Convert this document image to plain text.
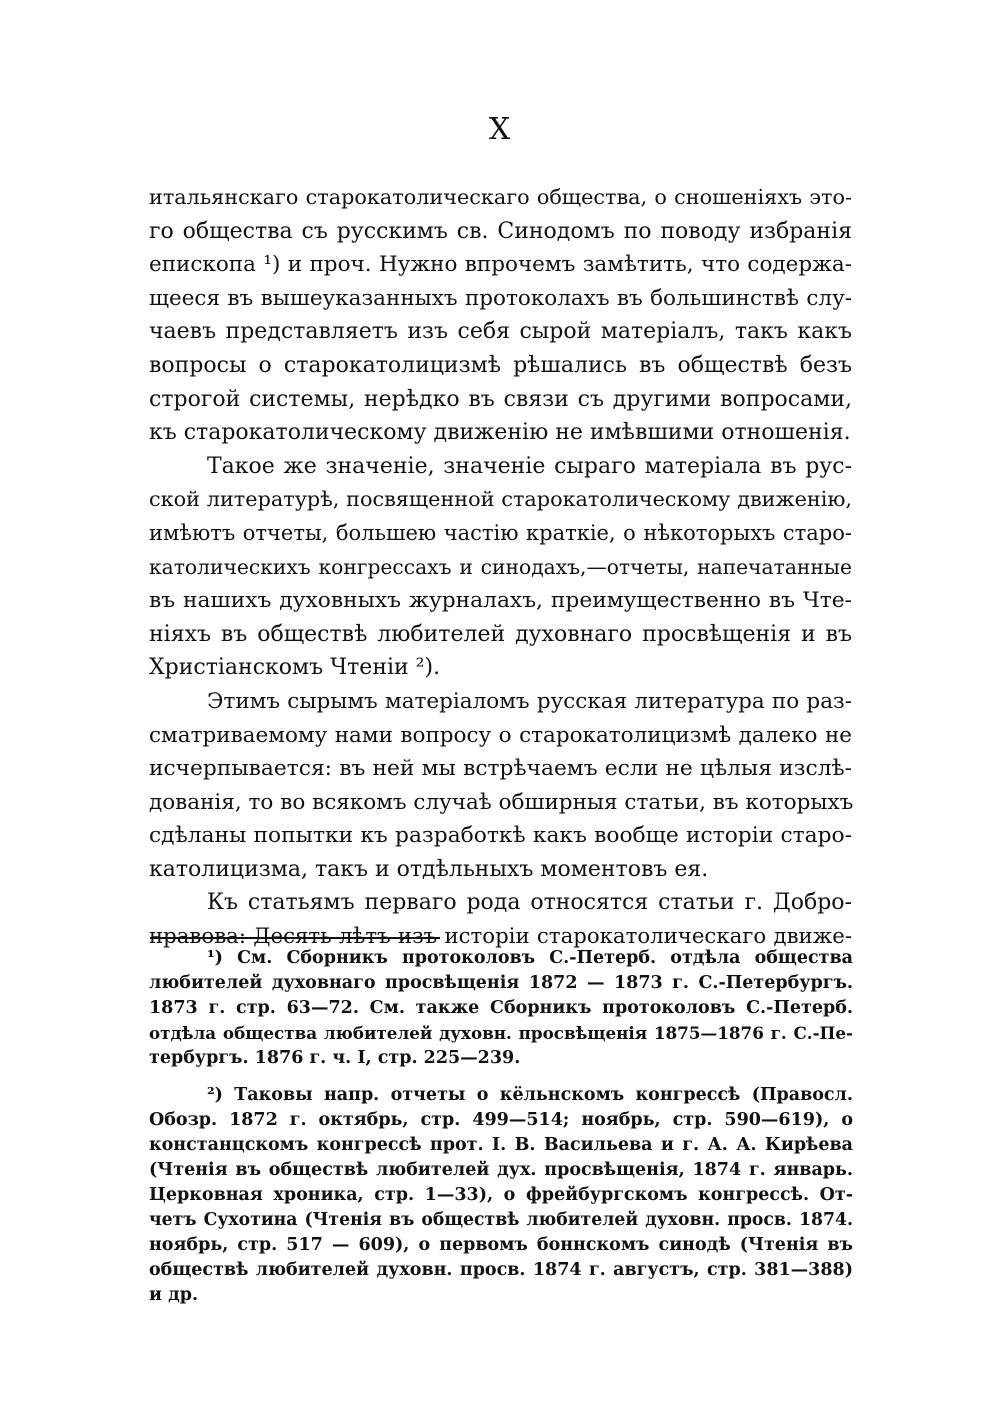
X
итальянскаго старокатолическаго общества, о сношеніяхъ это-
го общества съ русскимъ св. Синодомъ по поводу избранія
епископа ¹) и проч. Нужно впрочемъ замѣтить, что содержа-
щееся въ вышеуказанныхъ протоколахъ въ большинствѣ слу-
чаевъ представляетъ изъ себя сырой матеріалъ, такъ какъ
вопросы о старокатолицизмѣ рѣшались въ обществѣ безъ
строгой системы, нерѣдко въ связи съ другими вопросами,
къ старокатолическому движенію не имѣвшими отношенія.
Такое же значеніе, значеніе сыраго матеріала въ рус-
ской литературѣ, посвященной старокатолическому движенію,
имѣютъ отчеты, большею частію краткіе, о нѣкоторыхъ старо-
католическихъ конгрессахъ и синодахъ,—отчеты, напечатанные
въ нашихъ духовныхъ журналахъ, преимущественно въ Чте-
ніяхъ въ обществѣ любителей духовнаго просвѣщенія и въ
Христіанскомъ Чтеніи ²).
Этимъ сырымъ матеріаломъ русская литература по раз-
сматриваемому нами вопросу о старокатолицизмѣ далеко не
исчерпывается: въ ней мы встрѣчаемъ если не цѣлыя изслѣ-
дованія, то во всякомъ случаѣ обширныя статьи, въ которыхъ
сдѣланы попытки къ разработкѣ какъ вообще исторіи старо-
католицизма, такъ и отдѣльныхъ моментовъ ея.
Къ статьямъ перваго рода относятся статьи г. Добро-
нравова: Десять лѣтъ изъ исторіи старокатолическаго движе-
¹) См. Сборникъ протоколовъ С.-Петерб. отдѣла общества
любителей духовнаго просвѣщенія 1872 — 1873 г. С.-Петербургъ.
1873 г. стр. 63—72. См. также Сборникъ протоколовъ С.-Петерб.
отдѣла общества любителей духовн. просвѣщенія 1875—1876 г. С.-Пе-
тербургъ. 1876 г. ч. I, стр. 225—239.
²) Таковы напр. отчеты о кёльнскомъ конгрессѣ (Правосл.
Обозр. 1872 г. октябрь, стр. 499—514; ноябрь, стр. 590—619), о
констанцскомъ конгрессѣ прот. І. В. Васильева и г. А. А. Кирѣева
(Чтенія въ обществѣ любителей дух. просвѣщенія, 1874 г. январь.
Церковная хроника, стр. 1—33), о фрейбургскомъ конгрессѣ. От-
четъ Сухотина (Чтенія въ обществѣ любителей духовн. просв. 1874.
ноябрь, стр. 517 — 609), о первомъ боннскомъ синодѣ (Чтенія въ
обществѣ любителей духовн. просв. 1874 г. августъ, стр. 381—388)
и др.
